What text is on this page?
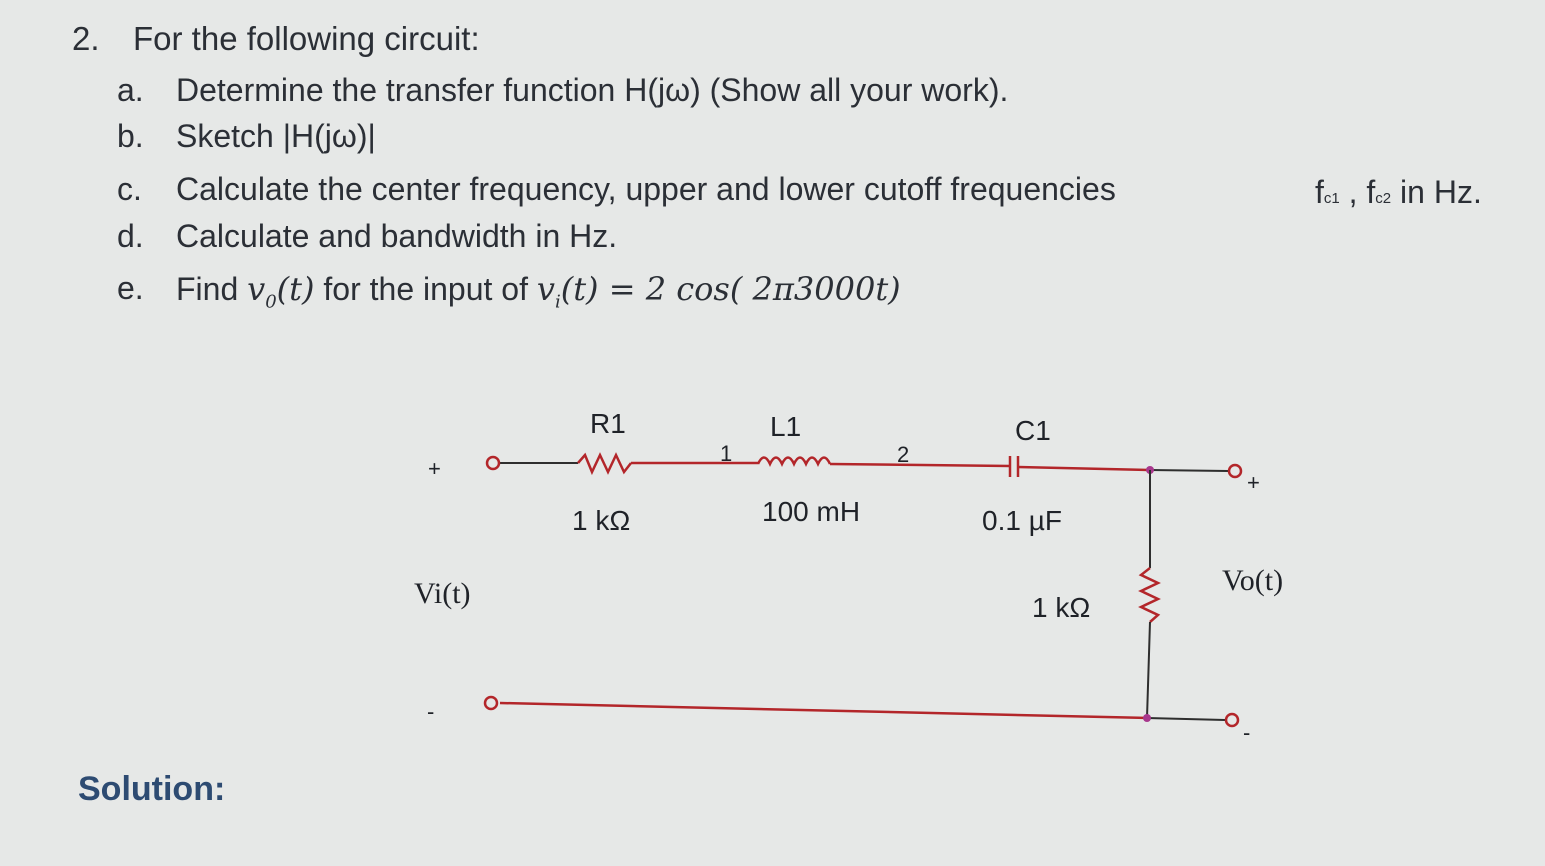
2. For the following circuit:
a. Determine the transfer function H(jω) (Show all your work).
b. Sketch |H(jω)|
c. Calculate the center frequency, upper and lower cutoff frequencies	fc1 , fc2 in Hz.
d. Calculate and bandwidth in Hz.
e. Find $v_0(t)$ for the input of $v_i(t) = 2$ cos( 2π3000t)
R1
1 kΩ
L1
100 mH
1	2
C1
0.1 µF
1 kΩ
Vi(t)	Vo(t)
+
-
+
-
Solution:
